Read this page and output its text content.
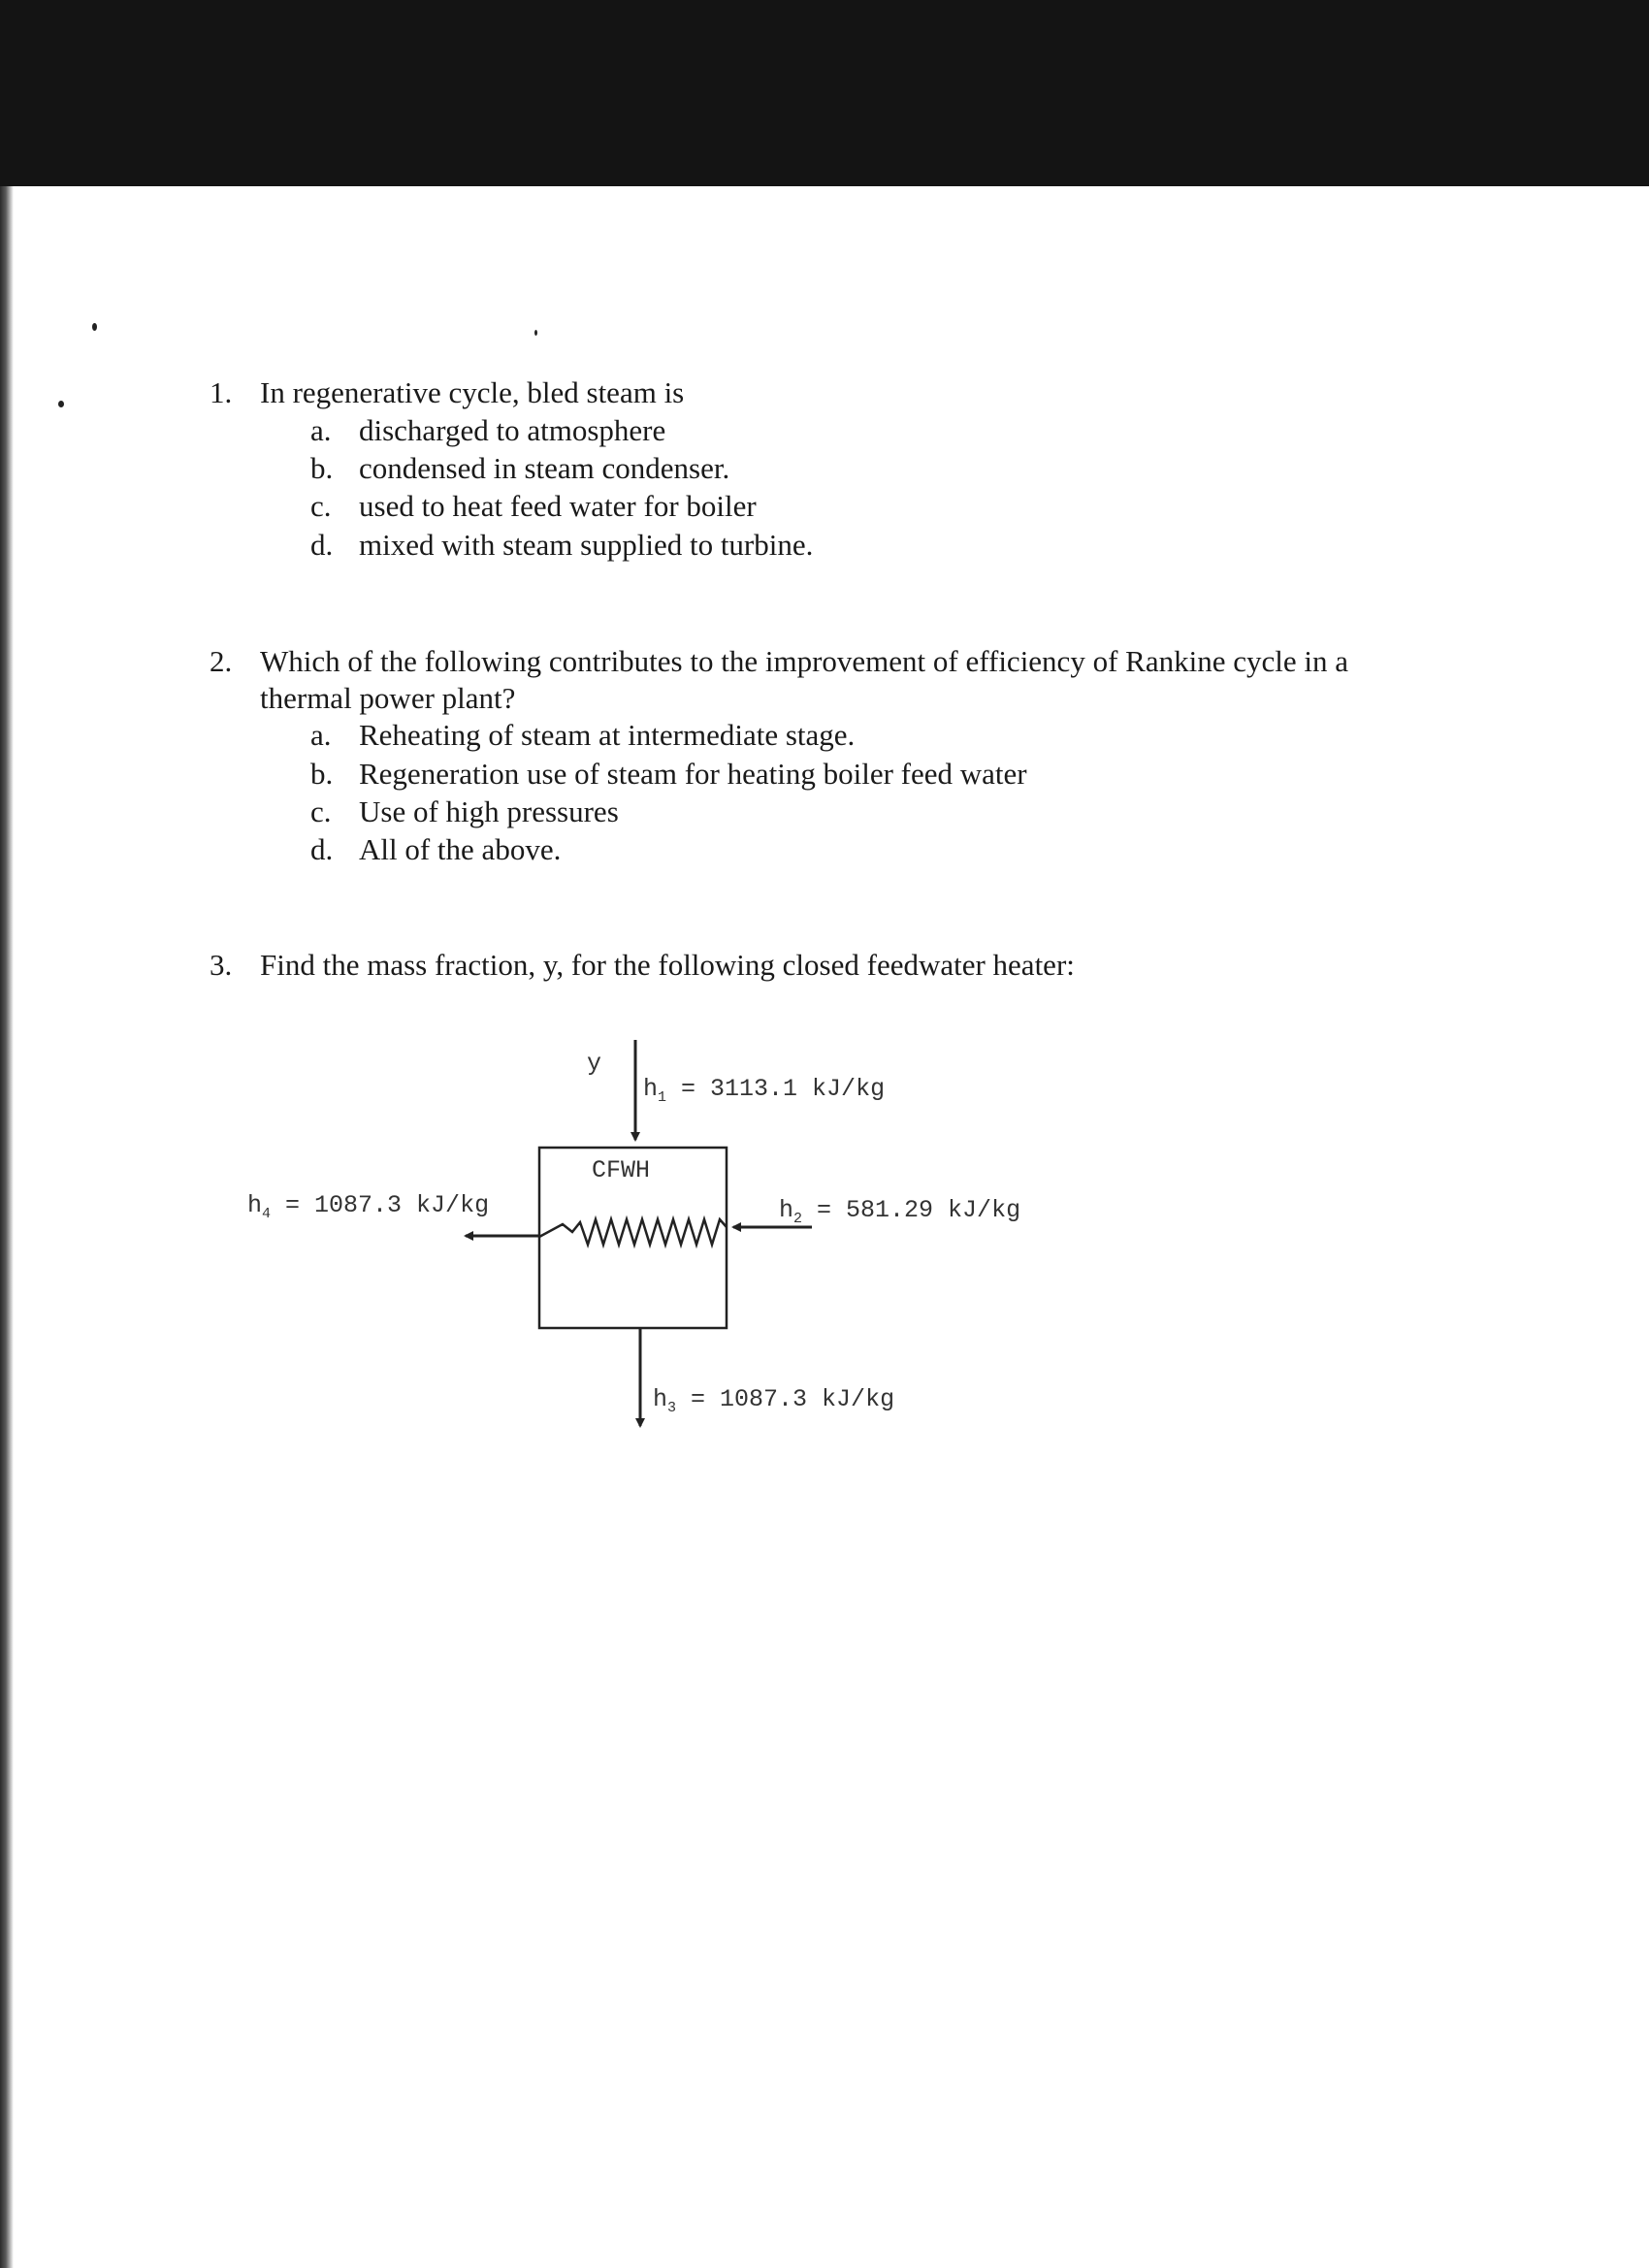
1. In regenerative cycle, bled steam is
a. discharged to atmosphere
b. condensed in steam condenser.
c. used to heat feed water for boiler
d. mixed with steam supplied to turbine.
2. Which of the following contributes to the improvement of efficiency of Rankine cycle in a
thermal power plant?
a. Reheating of steam at intermediate stage.
b. Regeneration use of steam for heating boiler feed water
c. Use of high pressures
d. All of the above.
3. Find the mass fraction, y, for the following closed feedwater heater:
y
CFWH
$h_1 = 3113.1$ kJ/kg
$h_4 = 1087.3$ kJ/kg	$h_2 = 581.29$ kJ/kg
$h_3 = 1087.3$ kJ/kg
